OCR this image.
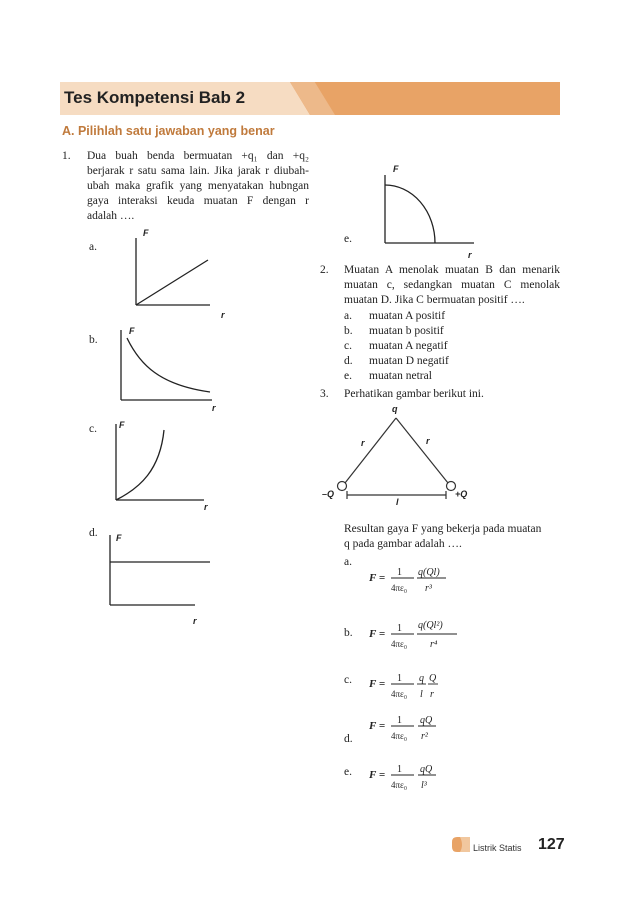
Tes Kompetensi Bab 2
A. Pilihlah satu jawaban yang benar
1.	Dua buah benda bermuatan +q₁ dan +q₂
berjarak r satu sama lain. Jika jarak r diubah-
ubah maka grafik yang menyatakan hubngan
gaya interaksi keuda muatan F dengan r
adalah ….
a.
b.
c.
d.
e.
F
r
F
r
F
r
F
r
F
r
2.	Muatan A menolak muatan B dan menarik
muatan c, sedangkan muatan C menolak
muatan D. Jika C bermuatan positif ….
a. muatan A positif
b. muatan b positif
c. muatan A negatif
d. muatan D negatif
e. muatan netral
3.	Perhatikan gambar berikut ini.
q
r	r
–Q	+Q
l
Resultan gaya F yang bekerja pada muatan
q pada gambar adalah ….
a.
b.
c.
d.
e.
F = 1
4πε₀
q(Ql)
r³
F = 1
4πε₀
q(Ql²)
r⁴
F = 1
4πε₀
q
l
Q
r
F = 1
4πε₀
qQ
r²
F = 1
4πε₀
qQ
l³
Listrik Statis 127
